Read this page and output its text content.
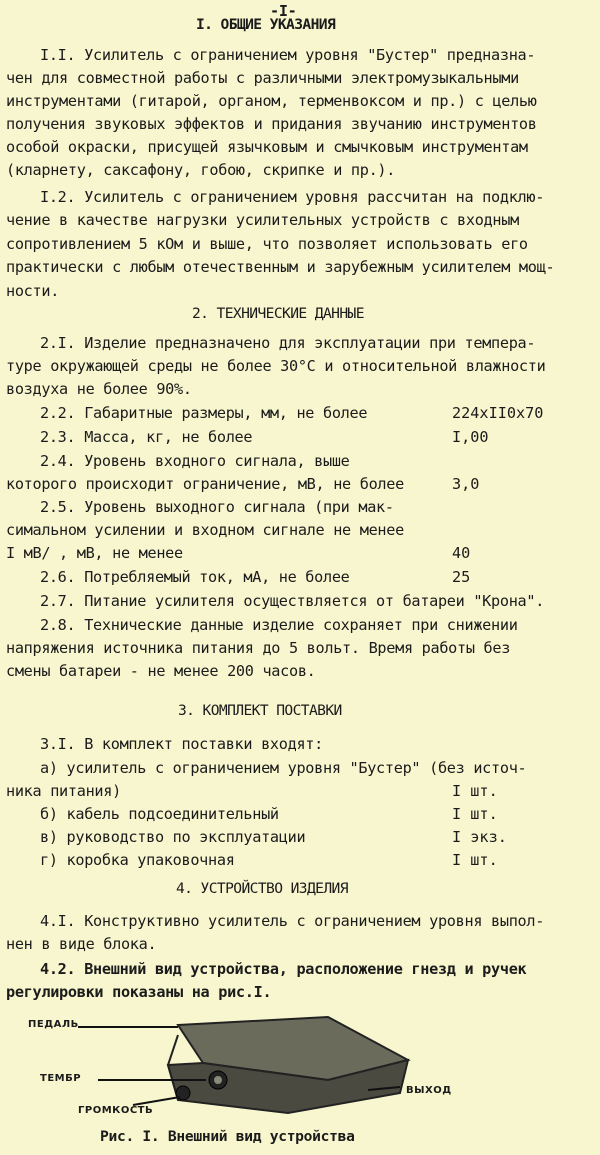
-I-
I. ОБЩИЕ УКАЗАНИЯ
I.I. Усилитель с ограничением уровня "Бустер" предназна-
чен для совместной работы с различными электромузыкальными
инструментами (гитарой, органом, терменвоксом и пр.) с целью
получения звуковых эффектов и придания звучанию инструментов
особой окраски, присущей язычковым и смычковым инструментам
(кларнету, саксафону, гобою, скрипке и пр.).
I.2. Усилитель с ограничением уровня рассчитан на подклю-
чение в качестве нагрузки усилительных устройств с входным
сопротивлением 5 кОм и выше, что позволяет использовать его
практически с любым отечественным и зарубежным усилителем мощ-
ности.
2. ТЕХНИЧЕСКИЕ ДАННЫЕ
2.I. Изделие предназначено для эксплуатации при темпера-
туре окружающей среды не более 30°С и относительной влажности
воздуха не более 90%.
2.2. Габаритные размеры, мм, не более	224хII0х70
2.3. Масса, кг, не более	I,00
2.4. Уровень входного сигнала, выше
которого происходит ограничение, мВ, не более	3,0
2.5. Уровень выходного сигнала (при мак-
симальном усилении и входном сигнале не менее
I мВ/ , мВ, не менее	40
2.6. Потребляемый ток, мА, не более	25
2.7. Питание усилителя осуществляется от батареи "Крона".
2.8. Технические данные изделие сохраняет при снижении
напряжения источника питания до 5 вольт. Время работы без
смены батареи - не менее 200 часов.
3. КОМПЛЕКТ ПОСТАВКИ
3.I. В комплект поставки входят:
а) усилитель с ограничением уровня "Бустер" (без источ-
ника питания)	I шт.
б) кабель подсоединительный	I шт.
в) руководство по эксплуатации	I экз.
г) коробка упаковочная	I шт.
4. УСТРОЙСТВО ИЗДЕЛИЯ
4.I. Конструктивно усилитель с ограничением уровня выпол-
нен в виде блока.
4.2. Внешний вид устройства, расположение гнезд и ручек
регулировки показаны на рис.I.
ПЕДАЛЬ
ТЕМБР
ГРОМКОСТЬ
ВЫХОД
Рис. I. Внешний вид устройства
